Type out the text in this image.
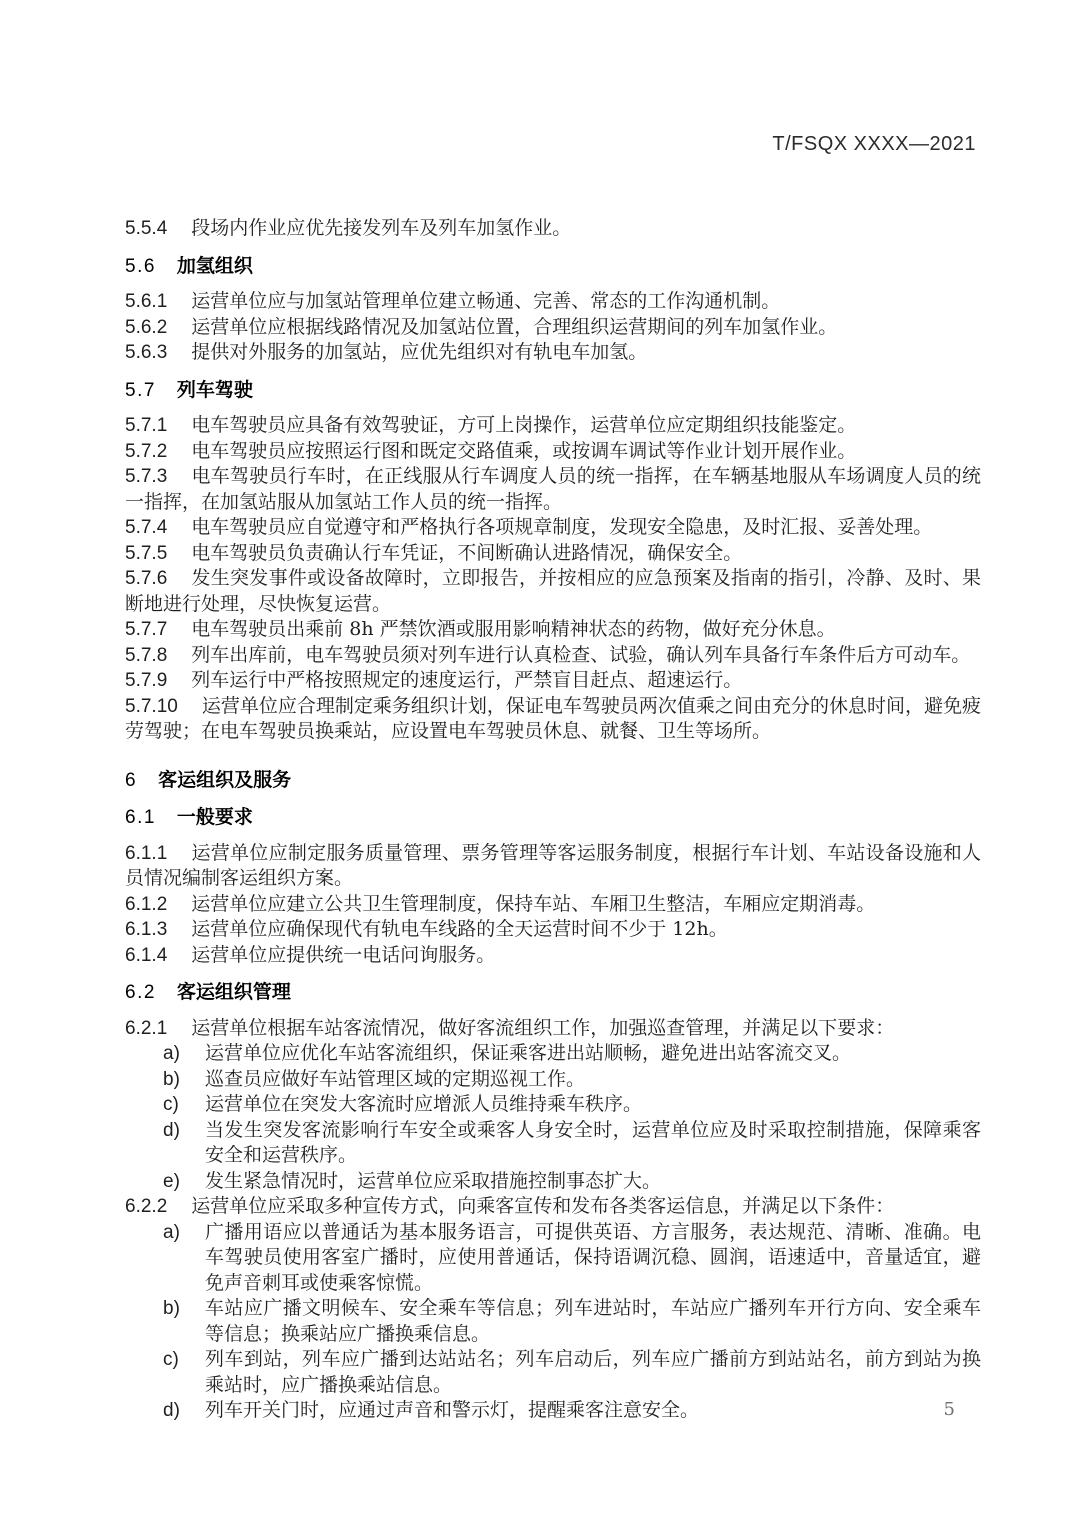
T/FSQX XXXX—2021
5.5.4 段场内作业应优先接发列车及列车加氢作业。
5.6 加氢组织
5.6.1 运营单位应与加氢站管理单位建立畅通、完善、常态的工作沟通机制。
5.6.2 运营单位应根据线路情况及加氢站位置，合理组织运营期间的列车加氢作业。
5.6.3 提供对外服务的加氢站，应优先组织对有轨电车加氢。
5.7 列车驾驶
5.7.1 电车驾驶员应具备有效驾驶证，方可上岗操作，运营单位应定期组织技能鉴定。
5.7.2 电车驾驶员应按照运行图和既定交路值乘，或按调车调试等作业计划开展作业。
5.7.3 电车驾驶员行车时，在正线服从行车调度人员的统一指挥，在车辆基地服从车场调度人员的统一指挥，在加氢站服从加氢站工作人员的统一指挥。
5.7.4 电车驾驶员应自觉遵守和严格执行各项规章制度，发现安全隐患，及时汇报、妥善处理。
5.7.5 电车驾驶员负责确认行车凭证，不间断确认进路情况，确保安全。
5.7.6 发生突发事件或设备故障时，立即报告，并按相应的应急预案及指南的指引，冷静、及时、果断地进行处理，尽快恢复运营。
5.7.7 电车驾驶员出乘前 8h 严禁饮酒或服用影响精神状态的药物，做好充分休息。
5.7.8 列车出库前，电车驾驶员须对列车进行认真检查、试验，确认列车具备行车条件后方可动车。
5.7.9 列车运行中严格按照规定的速度运行，严禁盲目赶点、超速运行。
5.7.10 运营单位应合理制定乘务组织计划，保证电车驾驶员两次值乘之间由充分的休息时间，避免疲劳驾驶；在电车驾驶员换乘站，应设置电车驾驶员休息、就餐、卫生等场所。
6 客运组织及服务
6.1 一般要求
6.1.1 运营单位应制定服务质量管理、票务管理等客运服务制度，根据行车计划、车站设备设施和人员情况编制客运组织方案。
6.1.2 运营单位应建立公共卫生管理制度，保持车站、车厢卫生整洁，车厢应定期消毒。
6.1.3 运营单位应确保现代有轨电车线路的全天运营时间不少于 12h。
6.1.4 运营单位应提供统一电话问询服务。
6.2 客运组织管理
6.2.1 运营单位根据车站客流情况，做好客流组织工作，加强巡查管理，并满足以下要求：
a) 运营单位应优化车站客流组织，保证乘客进出站顺畅，避免进出站客流交叉。
b) 巡查员应做好车站管理区域的定期巡视工作。
c) 运营单位在突发大客流时应增派人员维持乘车秩序。
d) 当发生突发客流影响行车安全或乘客人身安全时，运营单位应及时采取控制措施，保障乘客安全和运营秩序。
e) 发生紧急情况时，运营单位应采取措施控制事态扩大。
6.2.2 运营单位应采取多种宣传方式，向乘客宣传和发布各类客运信息，并满足以下条件：
a) 广播用语应以普通话为基本服务语言，可提供英语、方言服务，表达规范、清晰、准确。电车驾驶员使用客室广播时，应使用普通话，保持语调沉稳、圆润，语速适中，音量适宜，避免声音刺耳或使乘客惊慌。
b) 车站应广播文明候车、安全乘车等信息；列车进站时，车站应广播列车开行方向、安全乘车等信息；换乘站应广播换乘信息。
c) 列车到站，列车应广播到达站站名；列车启动后，列车应广播前方到站站名，前方到站为换乘站时，应广播换乘站信息。
d) 列车开关门时，应通过声音和警示灯，提醒乘客注意安全。	5
